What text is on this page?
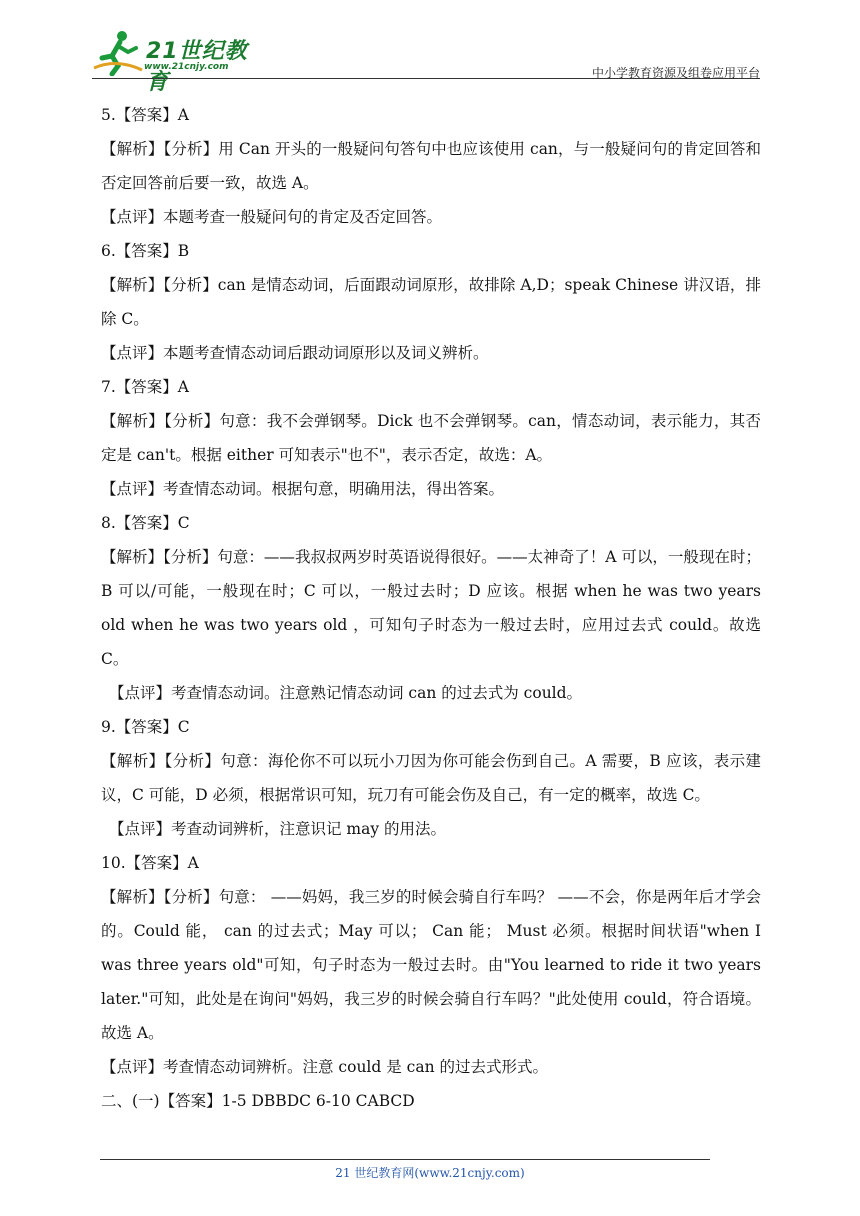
21世纪教育
www.21cnjy.com	中小学教育资源及组卷应用平台

5.【答案】A

【解析】【分析】用 Can 开头的一般疑问句答句中也应该使用 can，与一般疑问句的肯定回答和否定回答前后要一致，故选 A。

【点评】本题考查一般疑问句的肯定及否定回答。

6.【答案】B

【解析】【分析】can 是情态动词，后面跟动词原形，故排除 A,D；speak Chinese 讲汉语，排除 C。

【点评】本题考查情态动词后跟动词原形以及词义辨析。

7.【答案】A

【解析】【分析】句意：我不会弹钢琴。Dick 也不会弹钢琴。can，情态动词，表示能力，其否定是 can't。根据 either 可知表示"也不"，表示否定，故选：A。

【点评】考查情态动词。根据句意，明确用法，得出答案。

8.【答案】C

【解析】【分析】句意：——我叔叔两岁时英语说得很好。——太神奇了！A 可以，一般现在时；B 可以/可能，一般现在时；C 可以，一般过去时；D 应该。根据 when he was two years old when he was two years old ，可知句子时态为一般过去时，应用过去式 could。故选 C。

【点评】考查情态动词。注意熟记情态动词 can 的过去式为 could。

9.【答案】C

【解析】【分析】句意：海伦你不可以玩小刀因为你可能会伤到自己。A 需要，B 应该，表示建议，C 可能，D 必须，根据常识可知，玩刀有可能会伤及自己，有一定的概率，故选 C。

【点评】考查动词辨析，注意识记 may 的用法。

10.【答案】A

【解析】【分析】句意： ——妈妈，我三岁的时候会骑自行车吗？ ——不会，你是两年后才学会的。Could 能， can 的过去式；May 可以； Can 能； Must 必须。根据时间状语"when I was three years old"可知，句子时态为一般过去时。由"You learned to ride it two years later."可知，此处是在询问"妈妈，我三岁的时候会骑自行车吗？"此处使用 could，符合语境。故选 A。

【点评】考查情态动词辨析。注意 could 是 can 的过去式形式。

二、(一)【答案】1-5 DBBDC 6-10 CABCD

21 世纪教育网(www.21cnjy.com)
